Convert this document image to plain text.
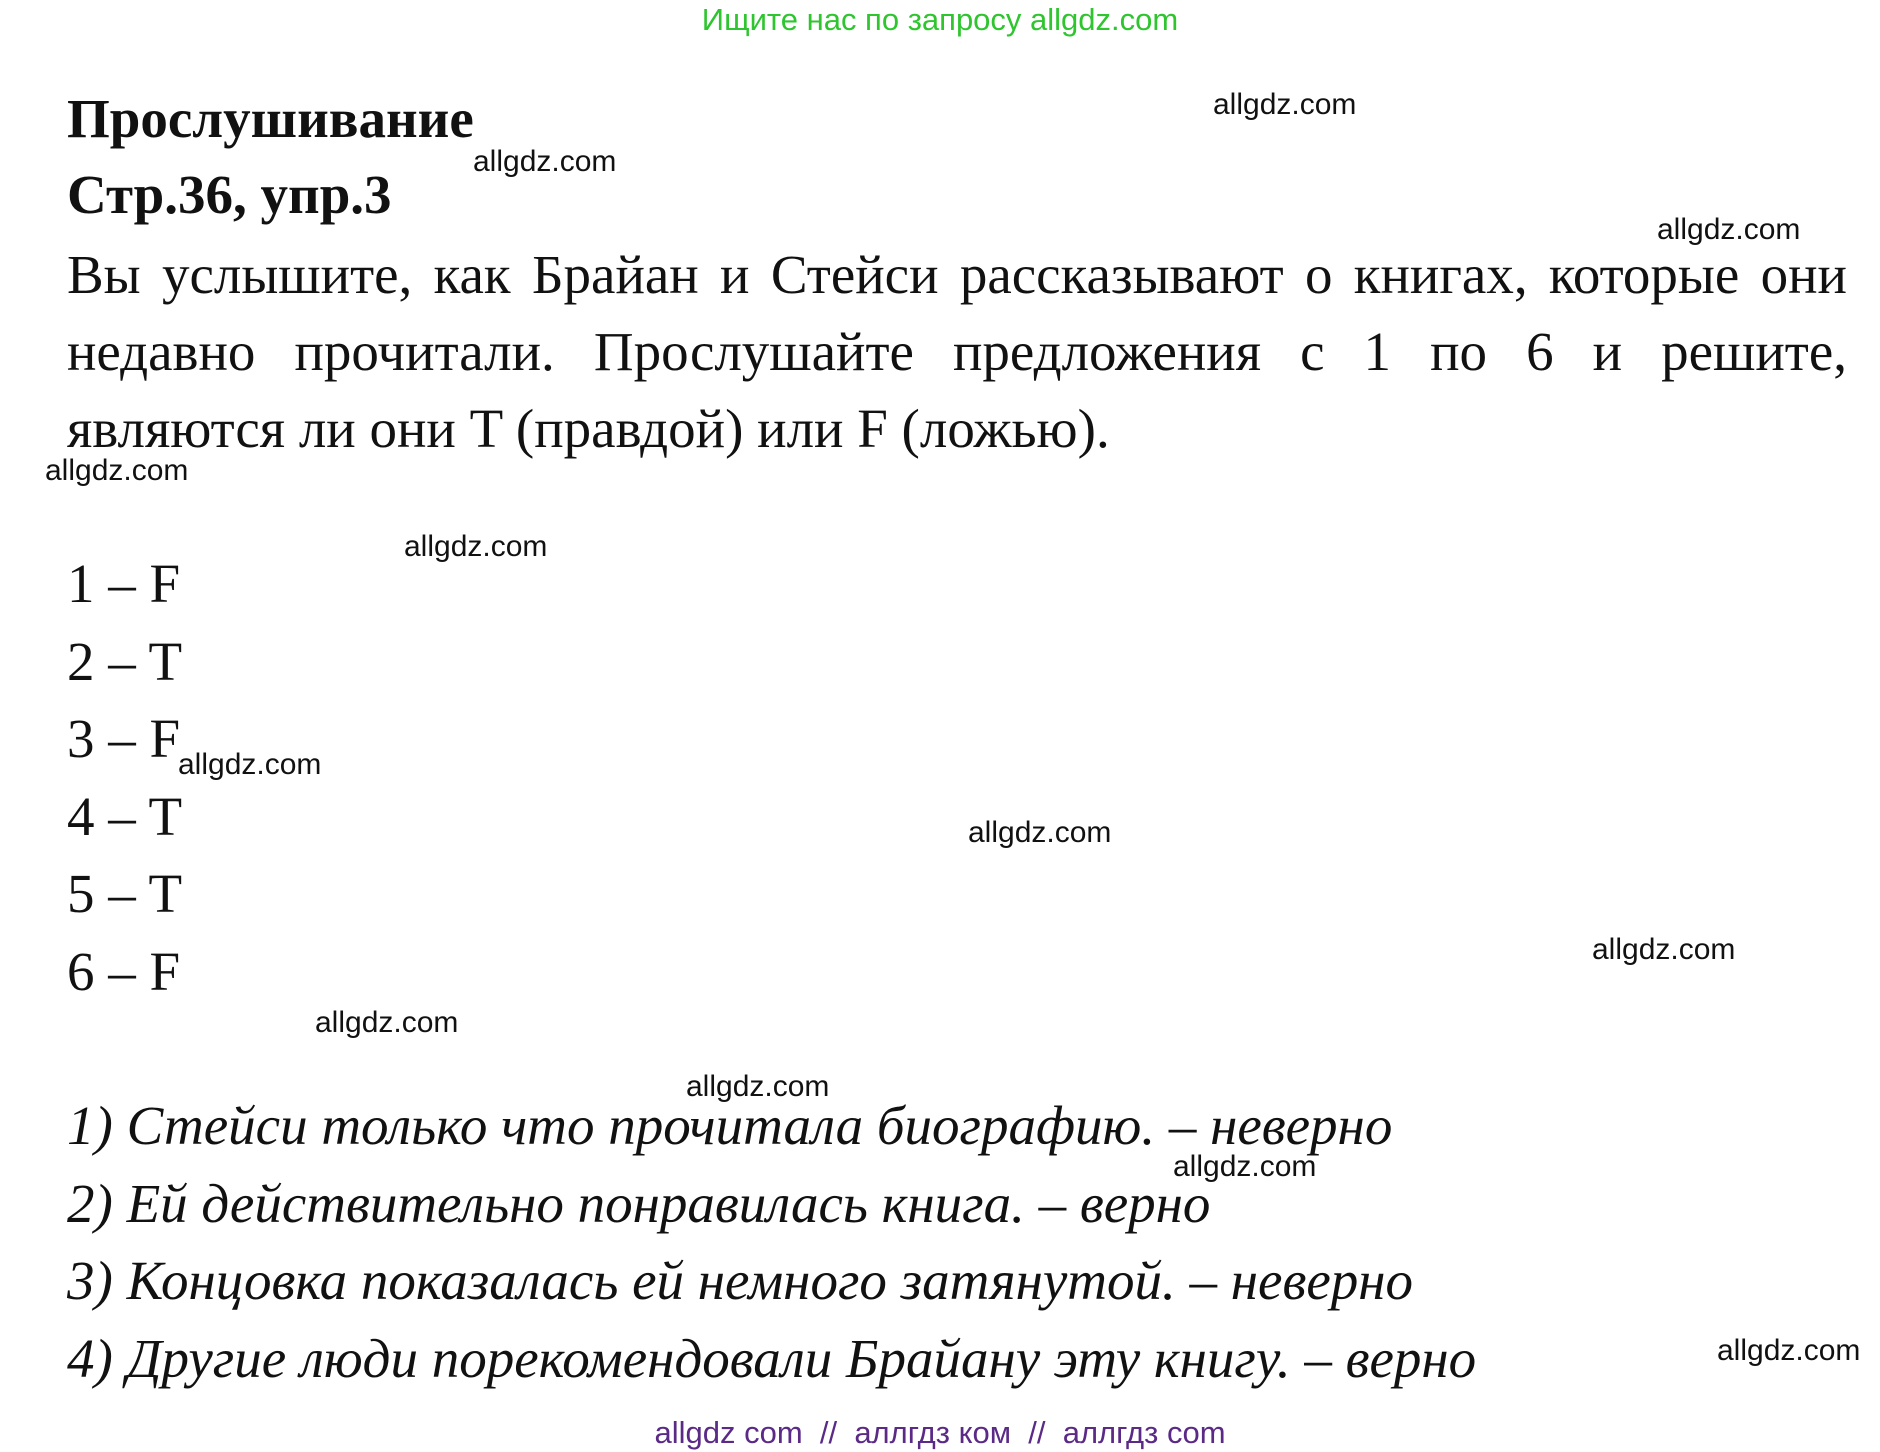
Ищите нас по запросу allgdz.com
Прослушивание
Стр.36, упр.3
Вы услышите, как Брайан и Стейси рассказывают о книгах, которые они недавно прочитали. Прослушайте предложения с 1 по 6 и решите, являются ли они T (правдой) или F (ложью).
1 – F
2 – T
3 – F
4 – T
5 – T
6 – F
1) Стейси только что прочитала биографию. – неверно
2) Ей действительно понравилась книга. – верно
3) Концовка показалась ей немного затянутой. – неверно
4) Другие люди порекомендовали Брайану эту книгу. – верно
allgdz.com
allgdz.com
allgdz.com
allgdz.com
allgdz.com
allgdz.com
allgdz.com
allgdz.com
allgdz.com
allgdz.com
allgdz.com
allgdz.com
allgdz com  //  аллгдз ком  //  аллгдз com
